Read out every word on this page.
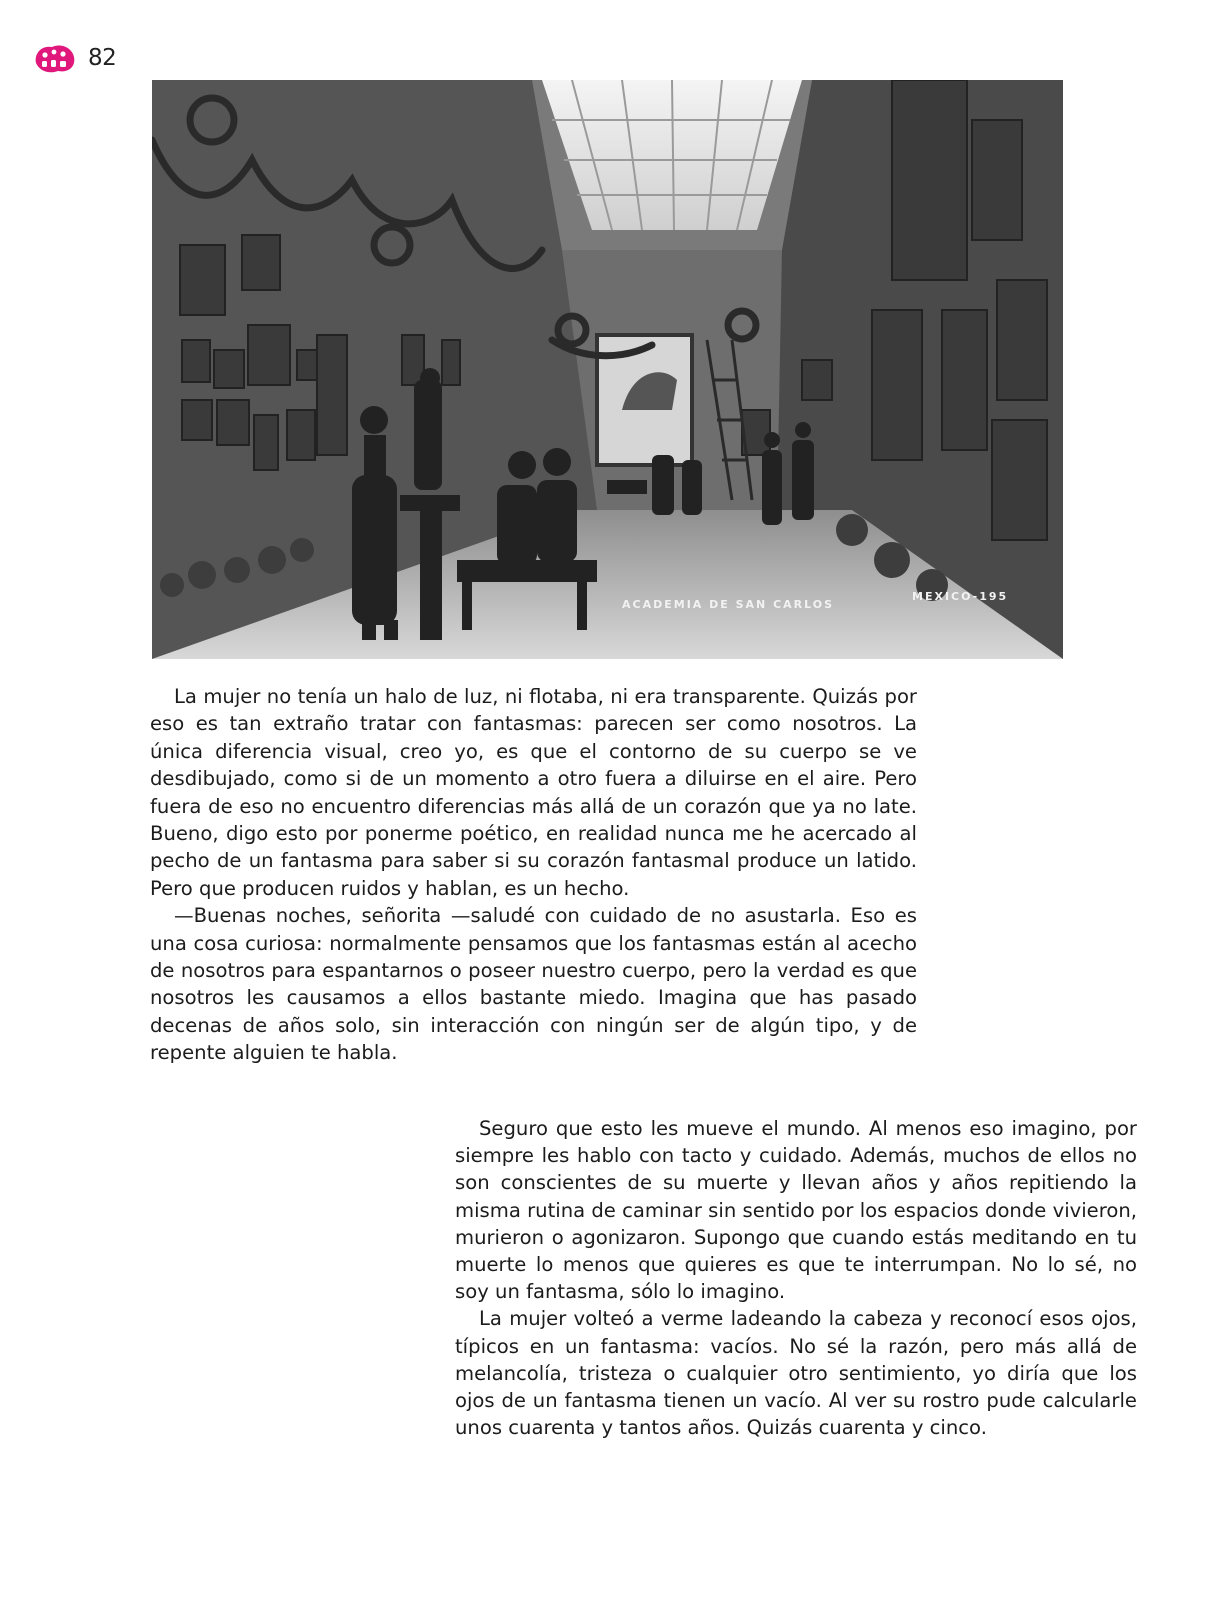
82
ACADEMIA DE SAN CARLOS
MEXICO-195

La mujer no tenía un halo de luz, ni flotaba, ni era transparente. Quizás por eso es tan extraño tratar con fantasmas: parecen ser como nosotros. La única diferencia visual, creo yo, es que el contorno de su cuerpo se ve desdibujado, como si de un momento a otro fuera a diluirse en el aire. Pero fuera de eso no encuentro diferencias más allá de un corazón que ya no late. Bueno, digo esto por ponerme poético, en realidad nunca me he acercado al pecho de un fantasma para saber si su corazón fantasmal produce un latido. Pero que producen ruidos y hablan, es un hecho.

—Buenas noches, señorita —saludé con cuidado de no asustarla. Eso es una cosa curiosa: normalmente pensamos que los fantasmas están al acecho de nosotros para espantarnos o poseer nuestro cuerpo, pero la verdad es que nosotros les causamos a ellos bastante miedo. Imagina que has pasado decenas de años solo, sin interacción con ningún ser de algún tipo, y de repente alguien te habla.

Seguro que esto les mueve el mundo. Al menos eso imagino, por siempre les hablo con tacto y cuidado. Además, muchos de ellos no son conscientes de su muerte y llevan años y años repitiendo la misma rutina de caminar sin sentido por los espacios donde vivieron, murieron o agonizaron. Supongo que cuando estás meditando en tu muerte lo menos que quieres es que te interrumpan. No lo sé, no soy un fantasma, sólo lo imagino.

La mujer volteó a verme ladeando la cabeza y reconocí esos ojos, típicos en un fantasma: vacíos. No sé la razón, pero más allá de melancolía, tristeza o cualquier otro sentimiento, yo diría que los ojos de un fantasma tienen un vacío. Al ver su rostro pude calcularle unos cuarenta y tantos años. Quizás cuarenta y cinco.
